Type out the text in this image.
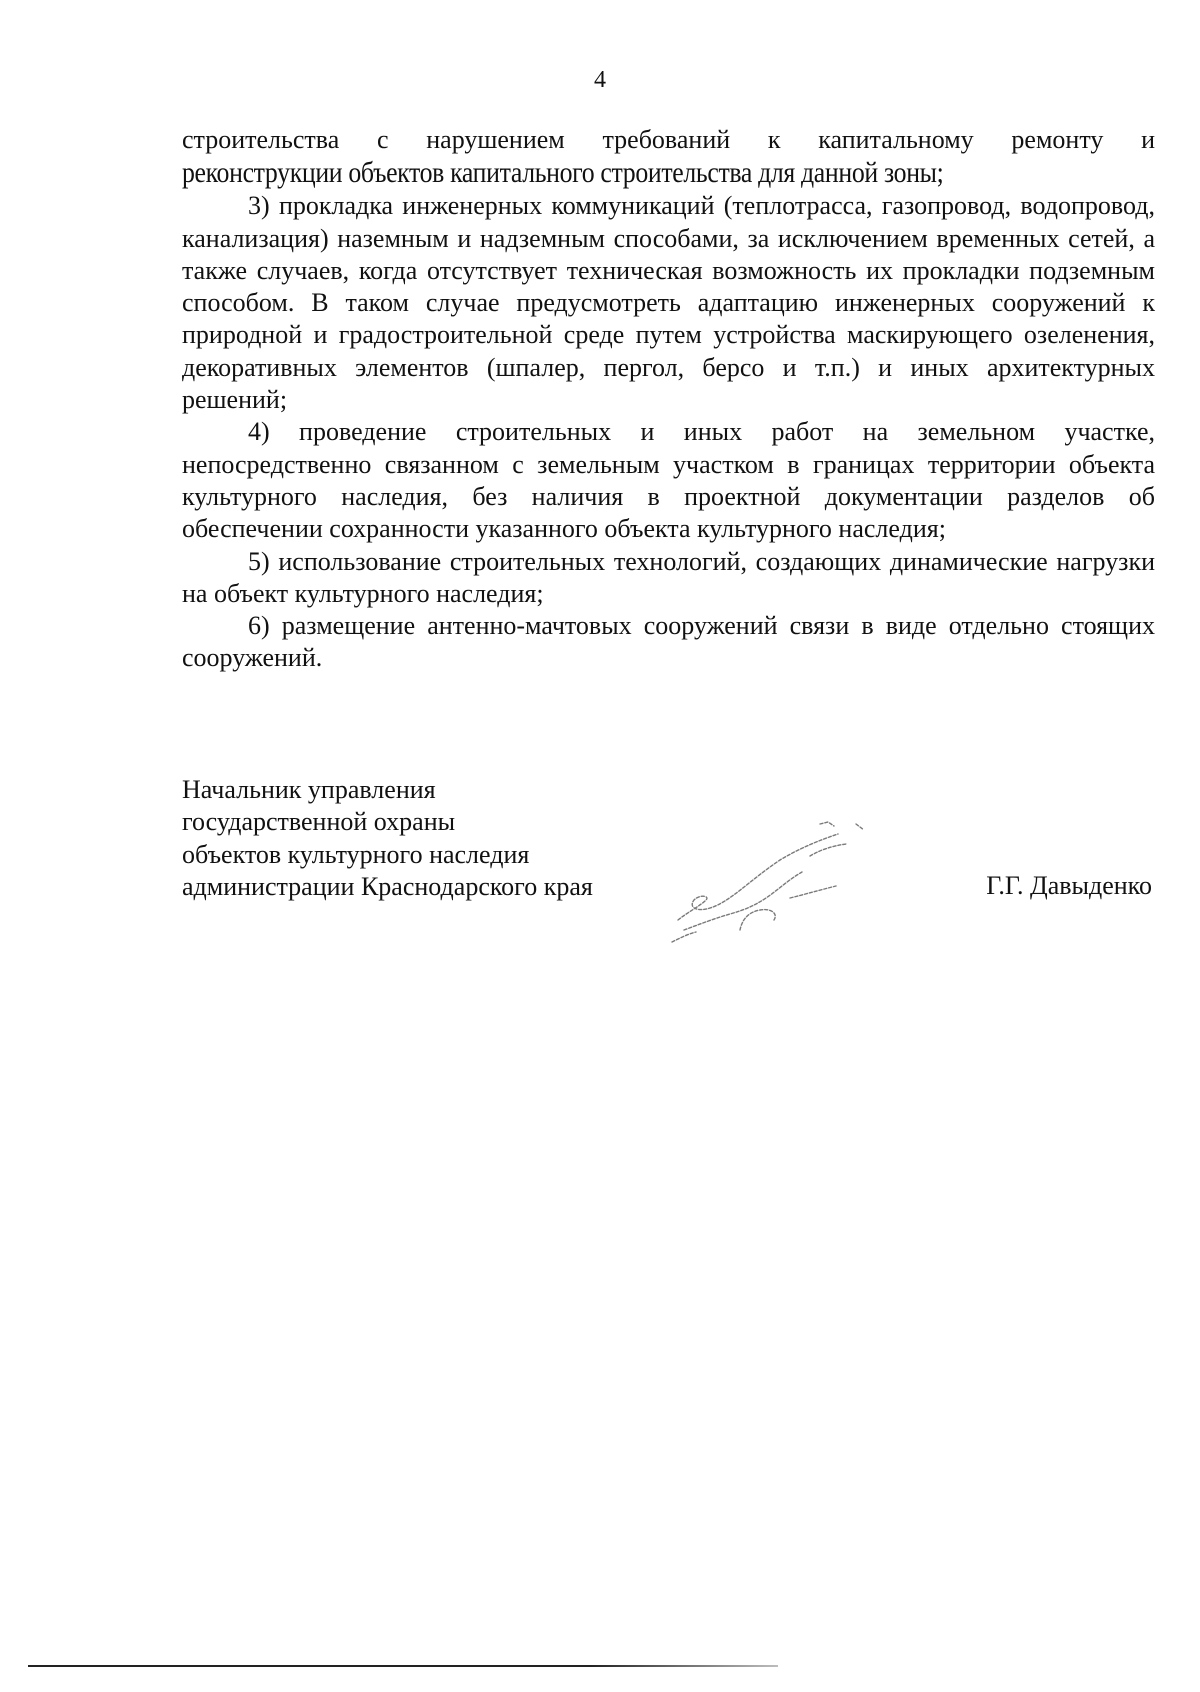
4

строительства с нарушением требований к капитальному ремонту и
реконструкции объектов капитального строительства для данной зоны;

3) прокладка инженерных коммуникаций (теплотрасса, газопровод, водопровод, канализация) наземным и надземным способами, за исключением временных сетей, а также случаев, когда отсутствует техническая возможность их прокладки подземным способом. В таком случае предусмотреть адаптацию инженерных сооружений к природной и градостроительной среде путем устройства маскирующего озеленения, декоративных элементов (шпалер, пергол, берсо и т.п.) и иных архитектурных решений;

4) проведение строительных и иных работ на земельном участке, непосредственно связанном с земельным участком в границах территории объекта культурного наследия, без наличия в проектной документации разделов об обеспечении сохранности указанного объекта культурного наследия;

5) использование строительных технологий, создающих динамические нагрузки на объект культурного наследия;

6) размещение антенно-мачтовых сооружений связи в виде отдельно стоящих сооружений.

Начальник управления
государственной охраны
объектов культурного наследия
администрации Краснодарского края	Г.Г. Давыденко
